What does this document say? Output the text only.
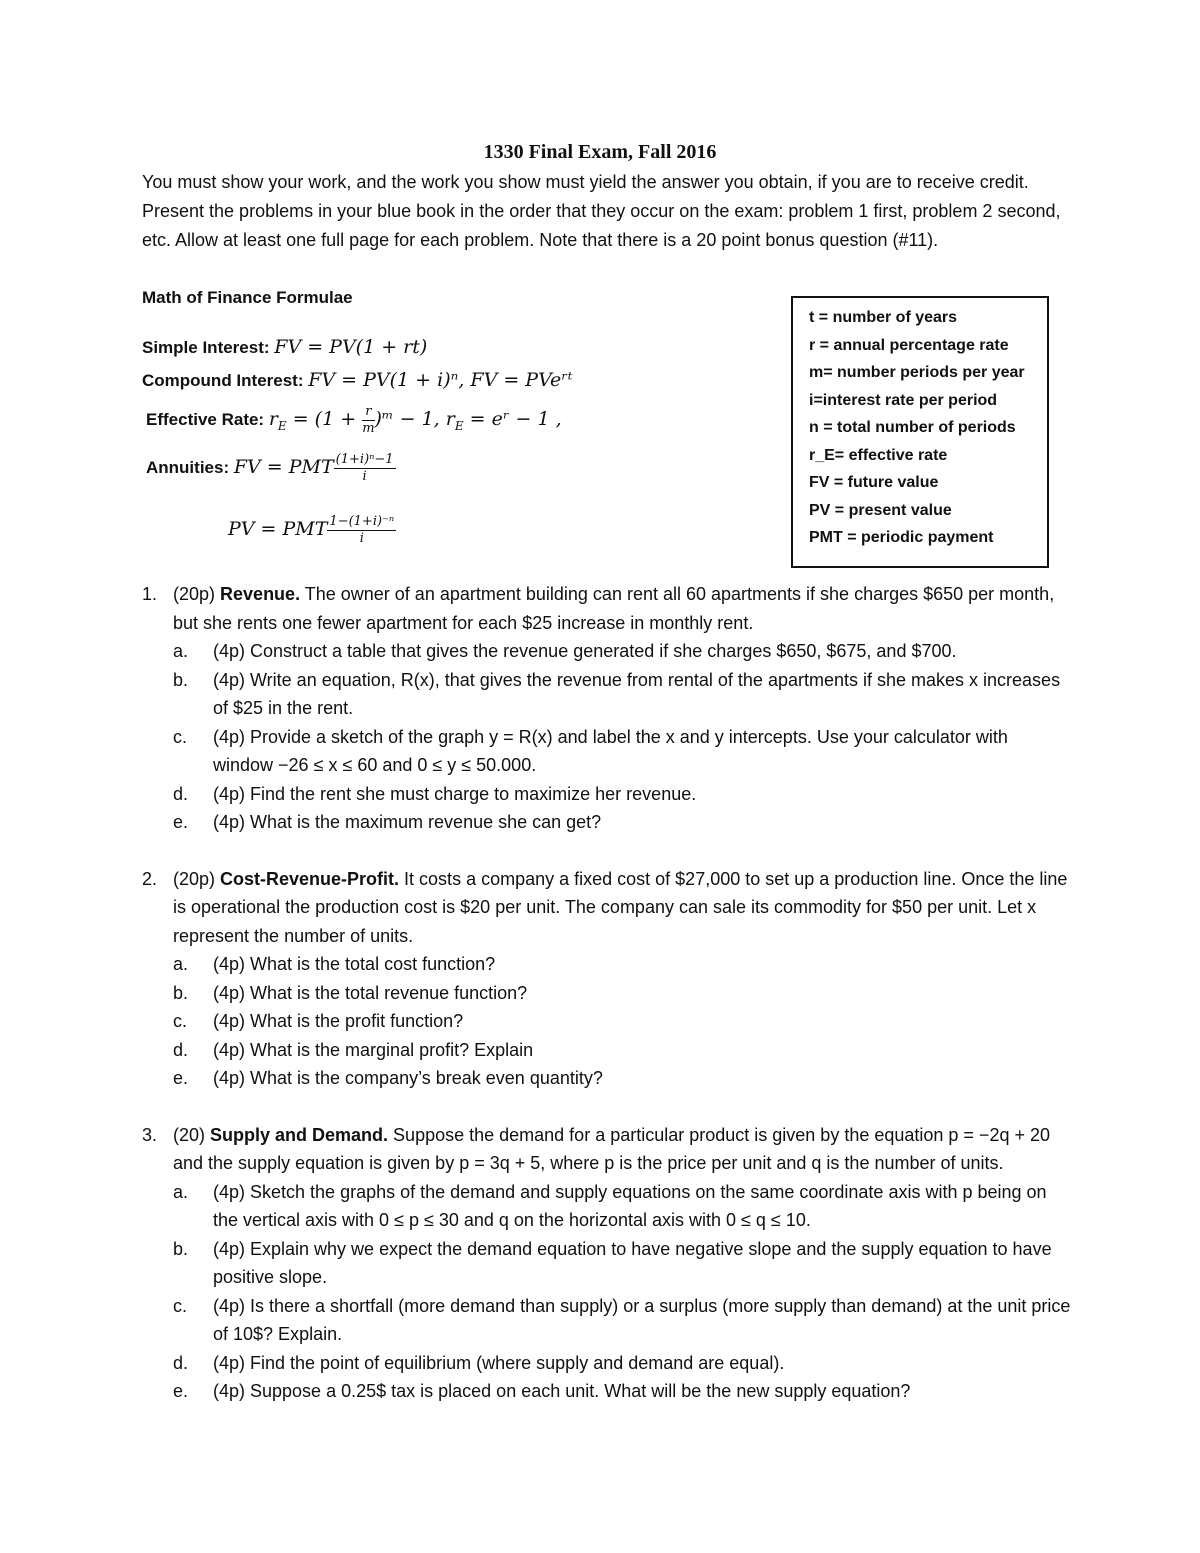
1330 Final Exam, Fall 2016
You must show your work, and the work you show must yield the answer you obtain, if you are to receive credit. Present the problems in your blue book in the order that they occur on the exam: problem 1 first, problem 2 second, etc. Allow at least one full page for each problem. Note that there is a 20 point bonus question (#11).
Math of Finance Formulae
Simple Interest: FV = PV(1 + rt)
Compound Interest: FV = PV(1 + i)ⁿ, FV = PVeʳᵗ
Effective Rate: $r_E = (1 + \frac{r}{m}$ )ᵐ − 1, $r_E$ = eʳ − 1 ,
Annuities: FV = PMT $\frac{\text{(1+i)ⁿ−1}}{i}$
PV = PMT $\frac{\text{1−(1+i)⁻ⁿ}}{i}$
t = number of years
r = annual percentage rate
m= number periods per year
i=interest rate per period
n = total number of periods
r_E= effective rate
FV = future value
PV = present value
PMT = periodic payment
1. (20p) Revenue. The owner of an apartment building can rent all 60 apartments if she charges $650 per month, but she rents one fewer apartment for each $25 increase in monthly rent.
a.	(4p) Construct a table that gives the revenue generated if she charges $650, $675, and $700.
b.	(4p) Write an equation, R(x), that gives the revenue from rental of the apartments if she makes x increases of $25 in the rent.
c.	(4p) Provide a sketch of the graph y = R(x) and label the x and y intercepts. Use your calculator with window −26 ≤ x ≤ 60 and 0 ≤ y ≤ 50.000.
d.	(4p) Find the rent she must charge to maximize her revenue.
e.	(4p) What is the maximum revenue she can get?
2. (20p) Cost-Revenue-Profit. It costs a company a fixed cost of $27,000 to set up a production line. Once the line is operational the production cost is $20 per unit. The company can sale its commodity for $50 per unit. Let x represent the number of units.
a.	(4p) What is the total cost function?
b.	(4p) What is the total revenue function?
c.	(4p) What is the profit function?
d.	(4p) What is the marginal profit? Explain
e.	(4p) What is the company’s break even quantity?
3. (20) Supply and Demand. Suppose the demand for a particular product is given by the equation p = −2q + 20 and the supply equation is given by p = 3q + 5, where p is the price per unit and q is the number of units.
a.	(4p) Sketch the graphs of the demand and supply equations on the same coordinate axis with p being on the vertical axis with 0 ≤ p ≤ 30 and q on the horizontal axis with 0 ≤ q ≤ 10.
b.	(4p) Explain why we expect the demand equation to have negative slope and the supply equation to have positive slope.
c.	(4p) Is there a shortfall (more demand than supply) or a surplus (more supply than demand) at the unit price of 10$? Explain.
d.	(4p) Find the point of equilibrium (where supply and demand are equal).
e.	(4p) Suppose a 0.25$ tax is placed on each unit. What will be the new supply equation?
